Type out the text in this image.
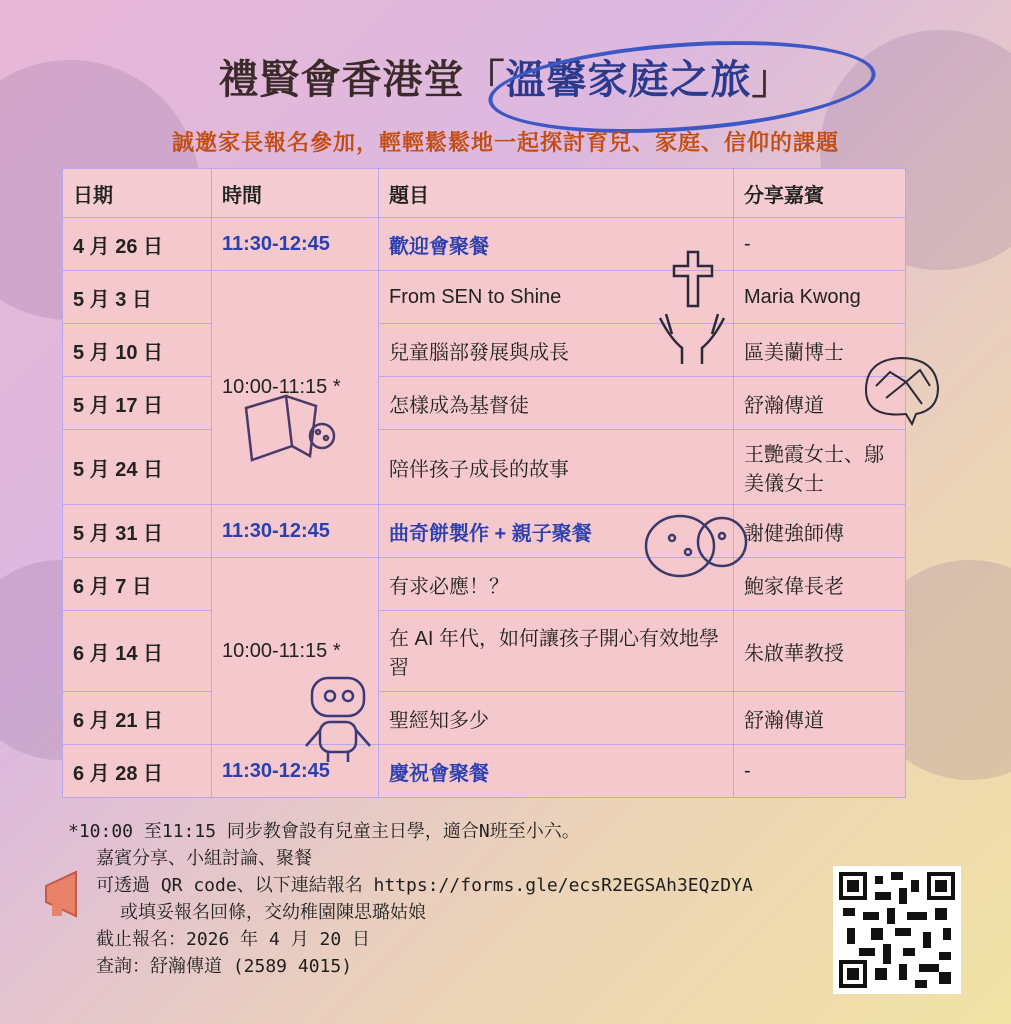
禮賢會香港堂「
溫馨家庭之旅」
誠邀家長報名參加，輕輕鬆鬆地一起探討育兒、家庭、信仰的課題
日期	時間	題目	分享嘉賓
4 月 26 日	11:30-12:45	歡迎會聚餐	-
5 月 3 日	10:00-11:15 *	From SEN to Shine	Maria Kwong
5 月 10 日		兒童腦部發展與成長	區美蘭博士
5 月 17 日		怎樣成為基督徒	舒瀚傳道
5 月 24 日		陪伴孩子成長的故事	王艷霞女士、鄔美儀女士
5 月 31 日	11:30-12:45	曲奇餅製作 + 親子聚餐	謝健強師傅
6 月 7 日	10:00-11:15 *	有求必應！？	鮑家偉長老
6 月 14 日		在 AI 年代，如何讓孩子開心有效地學習	朱啟華教授
6 月 21 日		聖經知多少	舒瀚傳道
6 月 28 日	11:30-12:45	慶祝會聚餐	-
*10:00 至11:15 同步教會設有兒童主日學，適合N班至小六。
嘉賓分享、小組討論、聚餐
可透過 QR code、以下連結報名 https://forms.gle/ecsR2EGSAh3EQzDYA
或填妥報名回條，交幼稚園陳思璐姑娘
截止報名：2026 年 4 月 20 日
查詢：舒瀚傳道 (2589 4015)
